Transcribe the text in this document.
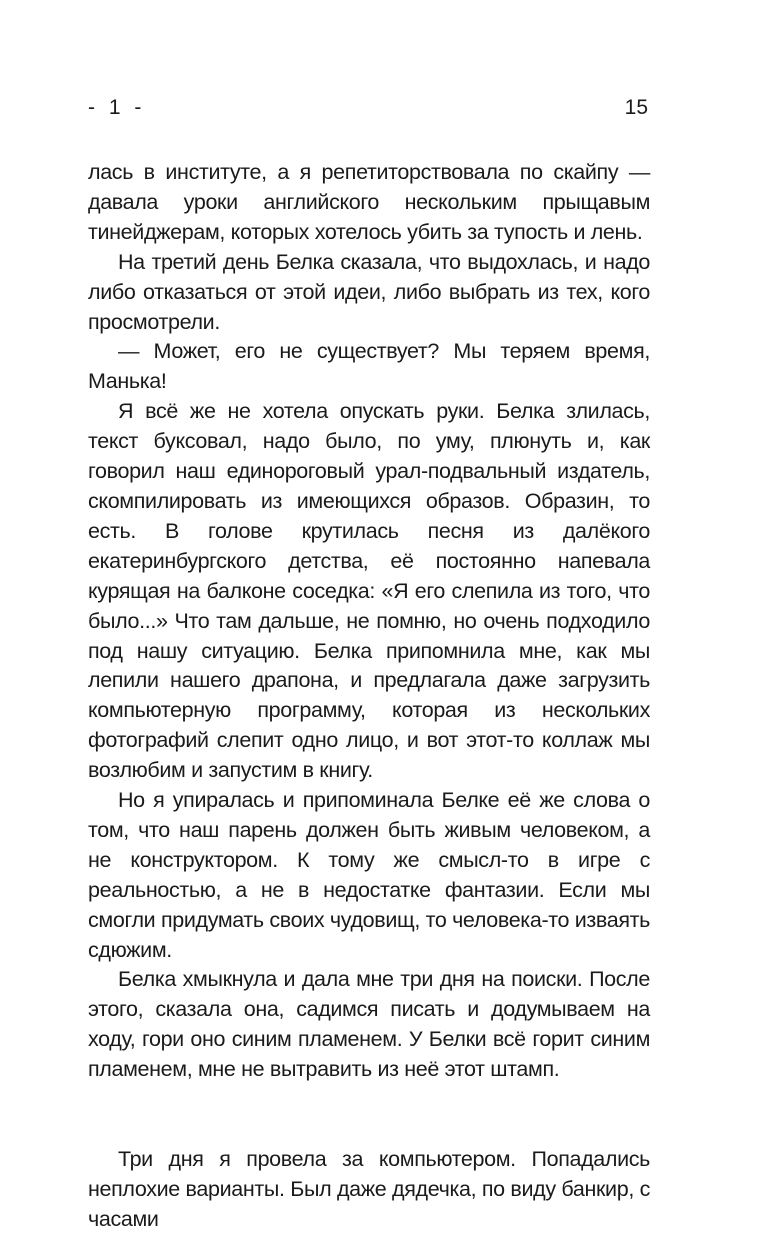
- 1 -	15

лась в институте, а я репетиторствовала по скайпу — давала уроки английского нескольким прыщавым тинейджерам, которых хотелось убить за тупость и лень.

На третий день Белка сказала, что выдохлась, и надо либо отказаться от этой идеи, либо выбрать из тех, кого просмотрели.

— Может, его не существует? Мы теряем время, Манька!

Я всё же не хотела опускать руки. Белка злилась, текст буксовал, надо было, по уму, плюнуть и, как говорил наш единороговый урал-подвальный издатель, скомпилировать из имеющихся образов. Образин, то есть. В голове крутилась песня из далёкого екатеринбургского детства, её постоянно напевала курящая на балконе соседка: «Я его слепила из того, что было...» Что там дальше, не помню, но очень подходило под нашу ситуацию. Белка припомнила мне, как мы лепили нашего драпона, и предлагала даже загрузить компьютерную программу, которая из нескольких фотографий слепит одно лицо, и вот этот-то коллаж мы возлюбим и запустим в книгу.

Но я упиралась и припоминала Белке её же слова о том, что наш парень должен быть живым человеком, а не конструктором. К тому же смысл-то в игре с реальностью, а не в недостатке фантазии. Если мы смогли придумать своих чудовищ, то человека-то изваять сдюжим.

Белка хмыкнула и дала мне три дня на поиски. После этого, сказала она, садимся писать и додумываем на ходу, гори оно синим пламенем. У Белки всё горит синим пламенем, мне не вытравить из неё этот штамп.

Три дня я провела за компьютером. Попадались неплохие варианты. Был даже дядечка, по виду банкир, с часами
